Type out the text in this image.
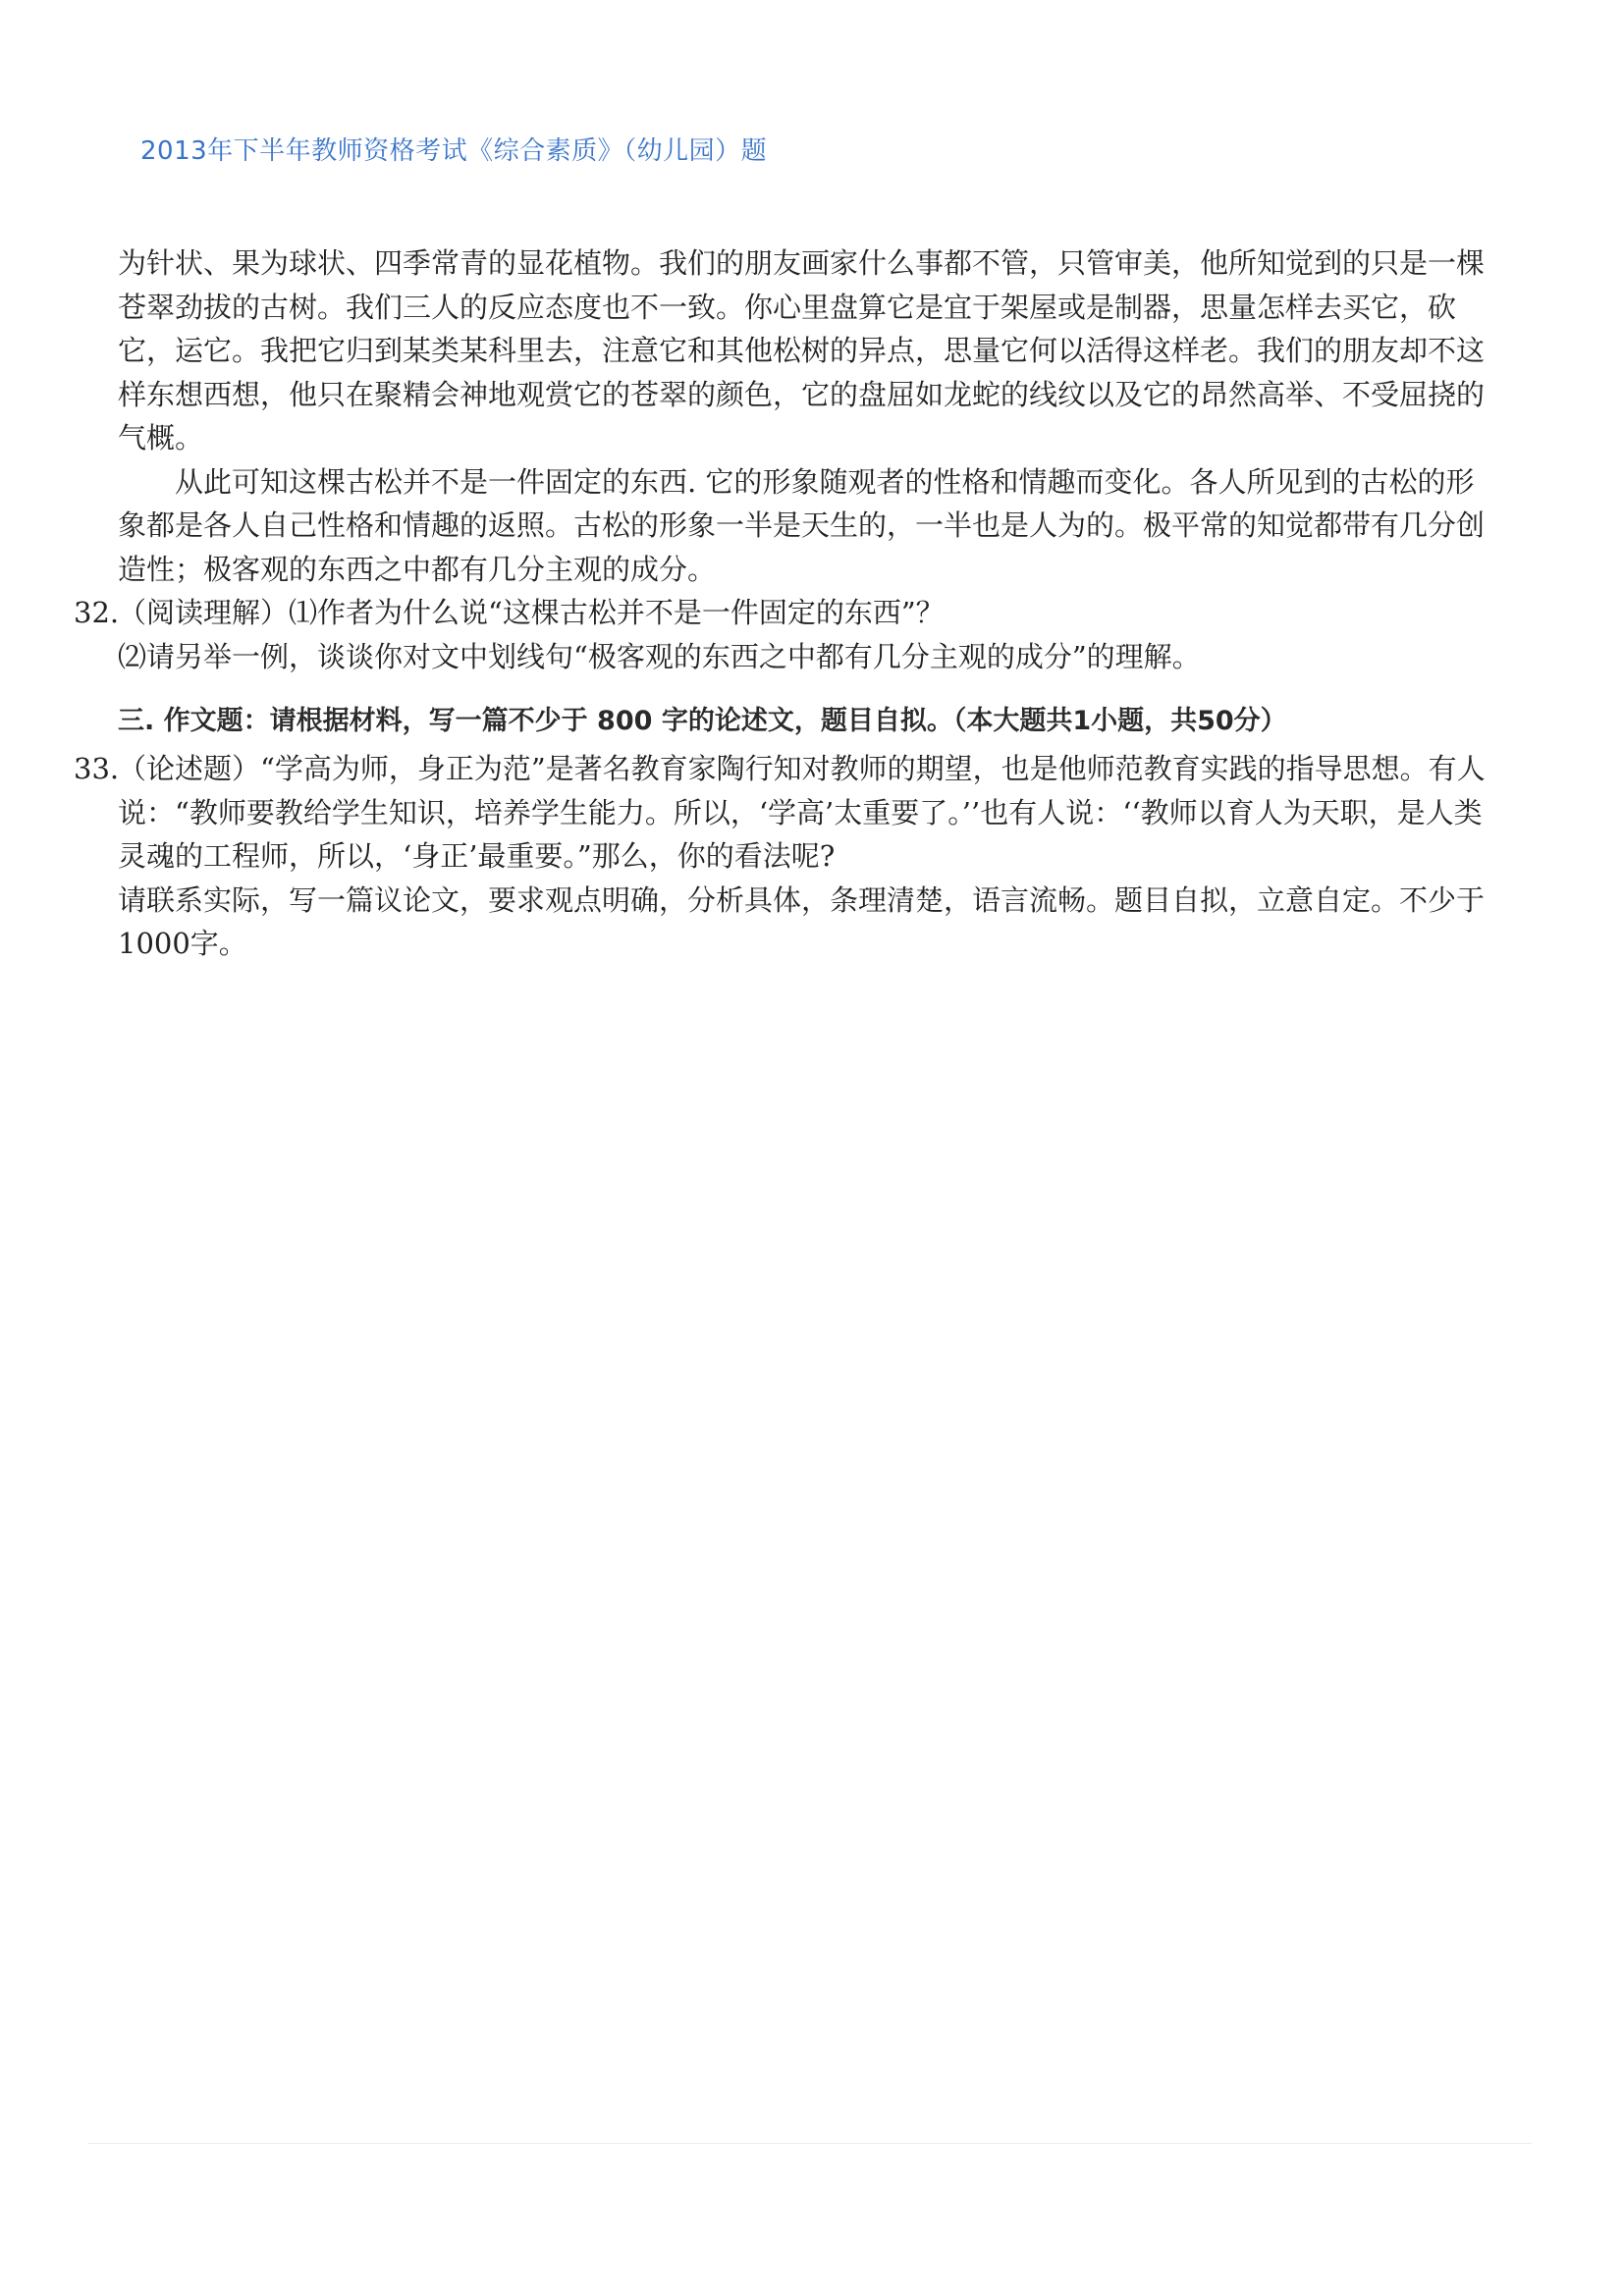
2013年下半年教师资格考试《综合素质》（幼儿园）题

为针状、果为球状、四季常青的显花植物。我们的朋友画家什么事都不管，只管审美，他所知觉到的只是一棵苍翠劲拔的古树。我们三人的反应态度也不一致。你心里盘算它是宜于架屋或是制器，思量怎样去买它，砍它，运它。我把它归到某类某科里去，注意它和其他松树的异点，思量它何以活得这样老。我们的朋友却不这样东想西想，他只在聚精会神地观赏它的苍翠的颜色，它的盘屈如龙蛇的线纹以及它的昂然高举、不受屈挠的气概。

从此可知这棵古松并不是一件固定的东西. 它的形象随观者的性格和情趣而变化。各人所见到的古松的形象都是各人自己性格和情趣的返照。古松的形象一半是天生的，一半也是人为的。极平常的知觉都带有几分创造性；极客观的东西之中都有几分主观的成分。

32.
（阅读理解）⑴作者为什么说“这棵古松并不是一件固定的东西”？
⑵请另举一例，谈谈你对文中划线句“极客观的东西之中都有几分主观的成分”的理解。
三. 作文题：请根据材料，写一篇不少于 800 字的论述文，题目自拟。（本大题共1小题，共50分）
33.
（论述题）“学高为师，身正为范”是著名教育家陶行知对教师的期望，也是他师范教育实践的指导思想。有人说：“教师要教给学生知识，培养学生能力。所以，‘学高’太重要了。’’也有人说：‘‘教师以育人为天职，是人类灵魂的工程师，所以，‘身正’最重要。”那么，你的看法呢?
请联系实际，写一篇议论文，要求观点明确，分析具体，条理清楚，语言流畅。题目自拟，立意自定。不少于1000字。
